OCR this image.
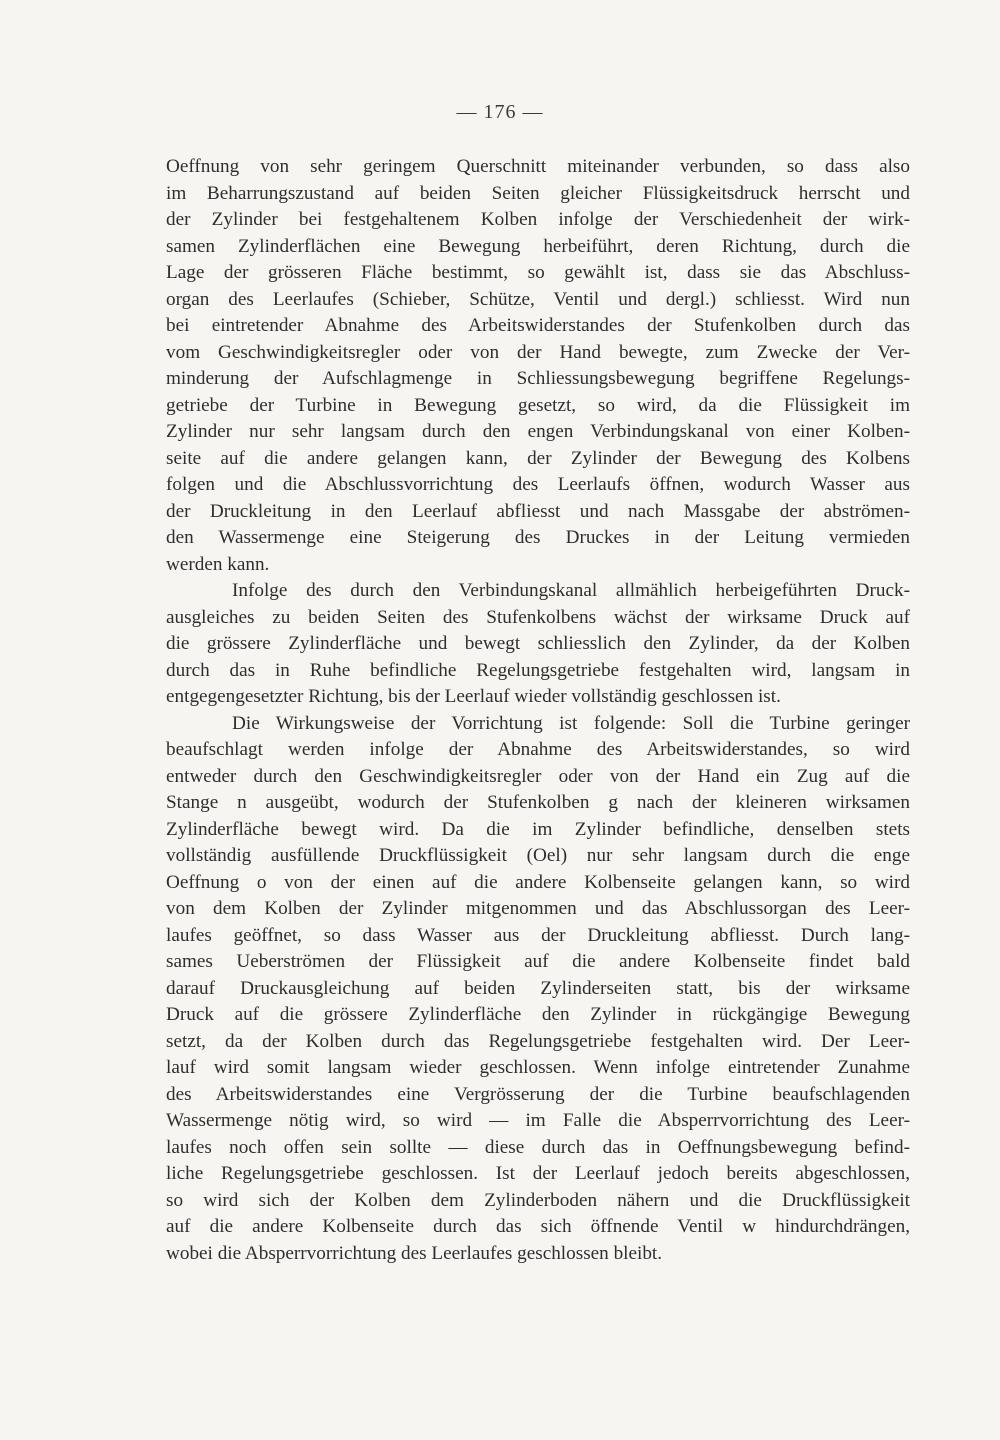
— 176 —
Oeffnung von sehr geringem Querschnitt miteinander verbunden, so dass also
im Beharrungszustand auf beiden Seiten gleicher Flüssigkeitsdruck herrscht und
der Zylinder bei festgehaltenem Kolben infolge der Verschiedenheit der wirk-
samen Zylinderflächen eine Bewegung herbeiführt, deren Richtung, durch die
Lage der grösseren Fläche bestimmt, so gewählt ist, dass sie das Abschluss-
organ des Leerlaufes (Schieber, Schütze, Ventil und dergl.) schliesst. Wird nun
bei eintretender Abnahme des Arbeitswiderstandes der Stufenkolben durch das
vom Geschwindigkeitsregler oder von der Hand bewegte, zum Zwecke der Ver-
minderung der Aufschlagmenge in Schliessungsbewegung begriffene Regelungs-
getriebe der Turbine in Bewegung gesetzt, so wird, da die Flüssigkeit im
Zylinder nur sehr langsam durch den engen Verbindungskanal von einer Kolben-
seite auf die andere gelangen kann, der Zylinder der Bewegung des Kolbens
folgen und die Abschlussvorrichtung des Leerlaufs öffnen, wodurch Wasser aus
der Druckleitung in den Leerlauf abfliesst und nach Massgabe der abströmen-
den Wassermenge eine Steigerung des Druckes in der Leitung vermieden
werden kann.
Infolge des durch den Verbindungskanal allmählich herbeigeführten Druck-
ausgleiches zu beiden Seiten des Stufenkolbens wächst der wirksame Druck auf
die grössere Zylinderfläche und bewegt schliesslich den Zylinder, da der Kolben
durch das in Ruhe befindliche Regelungsgetriebe festgehalten wird, langsam in
entgegengesetzter Richtung, bis der Leerlauf wieder vollständig geschlossen ist.
Die Wirkungsweise der Vorrichtung ist folgende: Soll die Turbine geringer
beaufschlagt werden infolge der Abnahme des Arbeitswiderstandes, so wird
entweder durch den Geschwindigkeitsregler oder von der Hand ein Zug auf die
Stange n ausgeübt, wodurch der Stufenkolben g nach der kleineren wirksamen
Zylinderfläche bewegt wird. Da die im Zylinder befindliche, denselben stets
vollständig ausfüllende Druckflüssigkeit (Oel) nur sehr langsam durch die enge
Oeffnung o von der einen auf die andere Kolbenseite gelangen kann, so wird
von dem Kolben der Zylinder mitgenommen und das Abschlussorgan des Leer-
laufes geöffnet, so dass Wasser aus der Druckleitung abfliesst. Durch lang-
sames Ueberströmen der Flüssigkeit auf die andere Kolbenseite findet bald
darauf Druckausgleichung auf beiden Zylinderseiten statt, bis der wirksame
Druck auf die grössere Zylinderfläche den Zylinder in rückgängige Bewegung
setzt, da der Kolben durch das Regelungsgetriebe festgehalten wird. Der Leer-
lauf wird somit langsam wieder geschlossen. Wenn infolge eintretender Zunahme
des Arbeitswiderstandes eine Vergrösserung der die Turbine beaufschlagenden
Wassermenge nötig wird, so wird — im Falle die Absperrvorrichtung des Leer-
laufes noch offen sein sollte — diese durch das in Oeffnungsbewegung befind-
liche Regelungsgetriebe geschlossen. Ist der Leerlauf jedoch bereits abgeschlossen,
so wird sich der Kolben dem Zylinderboden nähern und die Druckflüssigkeit
auf die andere Kolbenseite durch das sich öffnende Ventil w hindurchdrängen,
wobei die Absperrvorrichtung des Leerlaufes geschlossen bleibt.
